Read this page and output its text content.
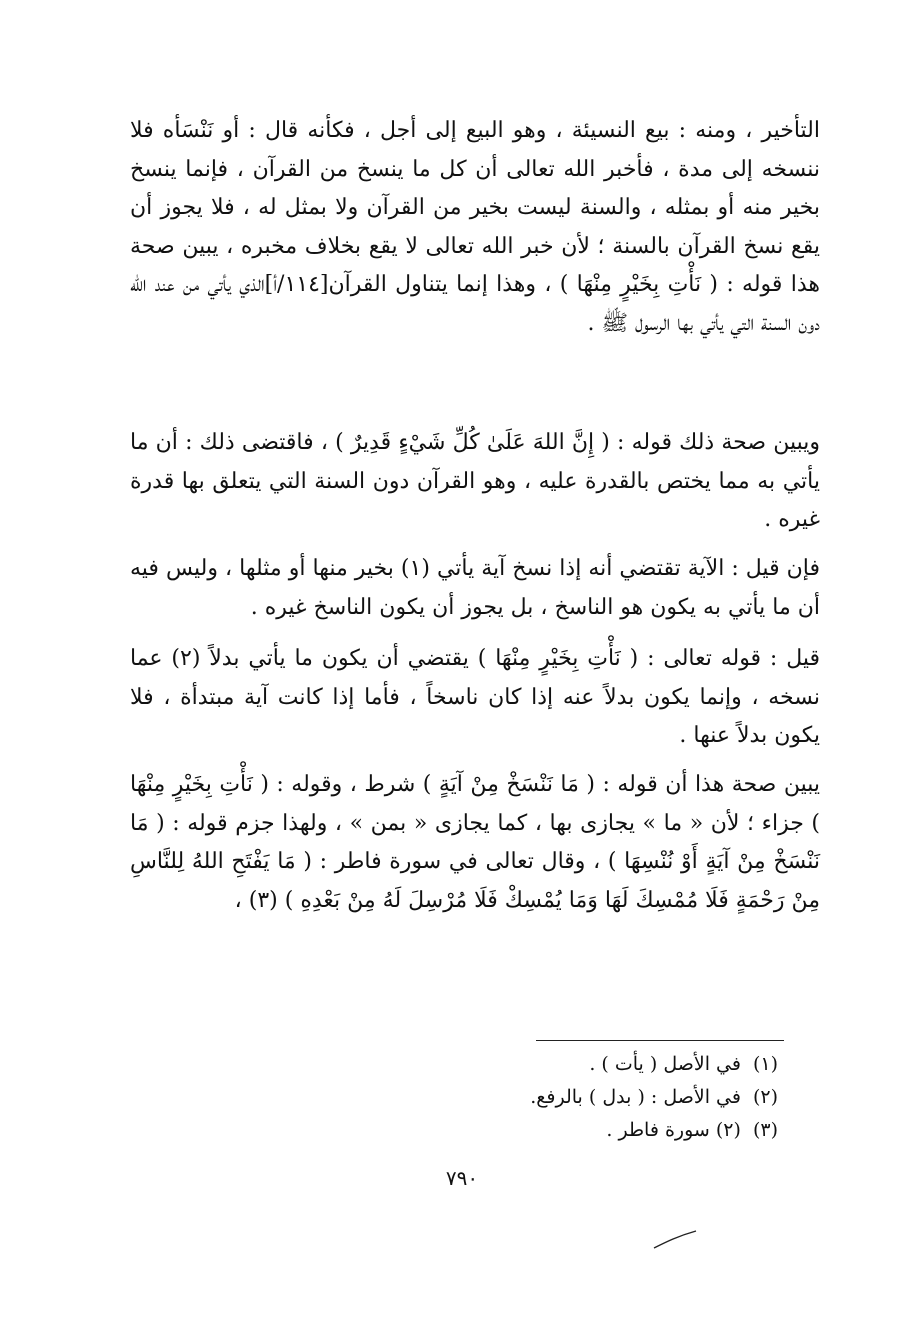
التأخير ، ومنه : بيع النسيئة ، وهو البيع إلى أجل ، فكأنه قال : أو نَنْسَأه فلا ننسخه إلى مدة ، فأخبر الله تعالى أن كل ما ينسخ من القرآن ، فإنما ينسخ بخير منه أو بمثله ، والسنة ليست بخير من القرآن ولا بمثل له ، فلا يجوز أن يقع نسخ القرآن بالسنة ؛ لأن خبر الله تعالى لا يقع بخلاف مخبره ، يبين صحة هذا قوله : ( نَأْتِ بِخَيْرٍ مِنْهَا ) ، وهذا إنما يتناول القرآن[١١٤/أ]الذي يأتي من عند الله دون السنة التي يأتي بها الرسول ﷺ .

ويبين صحة ذلك قوله : ( إِنَّ اللهَ عَلَىٰ كُلِّ شَيْءٍ قَدِيرٌ ) ، فاقتضى ذلك : أن ما يأتي به مما يختص بالقدرة عليه ، وهو القرآن دون السنة التي يتعلق بها قدرة غيره .

فإن قيل : الآية تقتضي أنه إذا نسخ آية يأتي (١) بخير منها أو مثلها ، وليس فيه أن ما يأتي به يكون هو الناسخ ، بل يجوز أن يكون الناسخ غيره .

قيل : قوله تعالى : ( نَأْتِ بِخَيْرٍ مِنْهَا ) يقتضي أن يكون ما يأتي بدلاً (٢) عما نسخه ، وإنما يكون بدلاً عنه إذا كان ناسخاً ، فأما إذا كانت آية مبتدأة ، فلا يكون بدلاً عنها .

يبين صحة هذا أن قوله : ( مَا نَنْسَخْ مِنْ آيَةٍ ) شرط ، وقوله : ( نَأْتِ بِخَيْرٍ مِنْهَا ) جزاء ؛ لأن « ما » يجازى بها ، كما يجازى « بمن » ، ولهذا جزم قوله : ( مَا نَنْسَخْ مِنْ آيَةٍ أَوْ نُنْسِهَا ) ، وقال تعالى في سورة فاطر : ( مَا يَفْتَحِ اللهُ لِلنَّاسِ مِنْ رَحْمَةٍ فَلَا مُمْسِكَ لَهَا وَمَا يُمْسِكْ فَلَا مُرْسِلَ لَهُ مِنْ بَعْدِهِ ) (٣) ،

(١)
في الأصل ( يأت ) .
(٢)
في الأصل : ( بدل ) بالرفع.
(٣)
(٢) سورة فاطر .
٧٩٠
